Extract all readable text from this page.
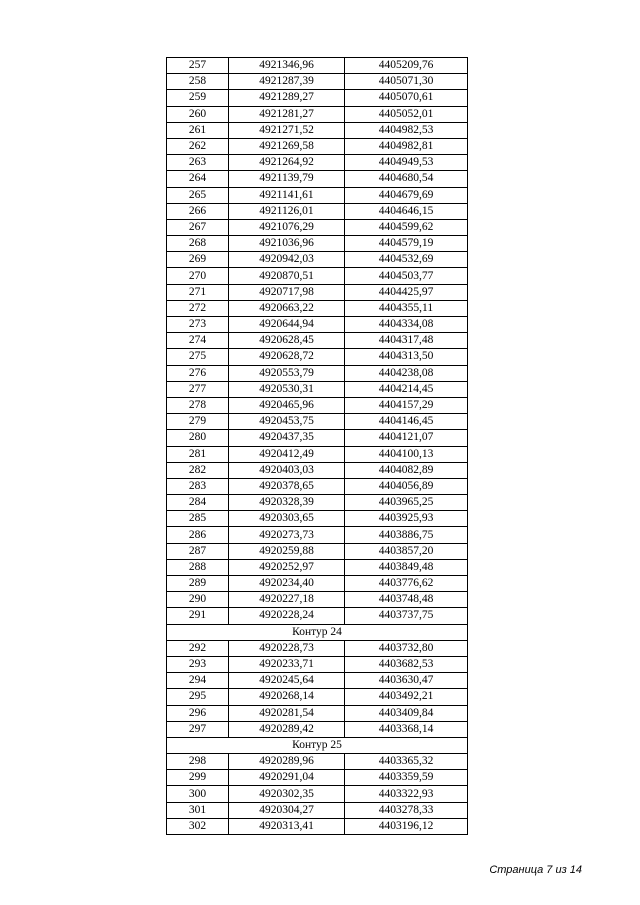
257	4921346,96	4405209,76
258	4921287,39	4405071,30
259	4921289,27	4405070,61
260	4921281,27	4405052,01
261	4921271,52	4404982,53
262	4921269,58	4404982,81
263	4921264,92	4404949,53
264	4921139,79	4404680,54
265	4921141,61	4404679,69
266	4921126,01	4404646,15
267	4921076,29	4404599,62
268	4921036,96	4404579,19
269	4920942,03	4404532,69
270	4920870,51	4404503,77
271	4920717,98	4404425,97
272	4920663,22	4404355,11
273	4920644,94	4404334,08
274	4920628,45	4404317,48
275	4920628,72	4404313,50
276	4920553,79	4404238,08
277	4920530,31	4404214,45
278	4920465,96	4404157,29
279	4920453,75	4404146,45
280	4920437,35	4404121,07
281	4920412,49	4404100,13
282	4920403,03	4404082,89
283	4920378,65	4404056,89
284	4920328,39	4403965,25
285	4920303,65	4403925,93
286	4920273,73	4403886,75
287	4920259,88	4403857,20
288	4920252,97	4403849,48
289	4920234,40	4403776,62
290	4920227,18	4403748,48
291	4920228,24	4403737,75
Контур 24		
292	4920228,73	4403732,80
293	4920233,71	4403682,53
294	4920245,64	4403630,47
295	4920268,14	4403492,21
296	4920281,54	4403409,84
297	4920289,42	4403368,14
Контур 25		
298	4920289,96	4403365,32
299	4920291,04	4403359,59
300	4920302,35	4403322,93
301	4920304,27	4403278,33
302	4920313,41	4403196,12
Страница 7 из 14
